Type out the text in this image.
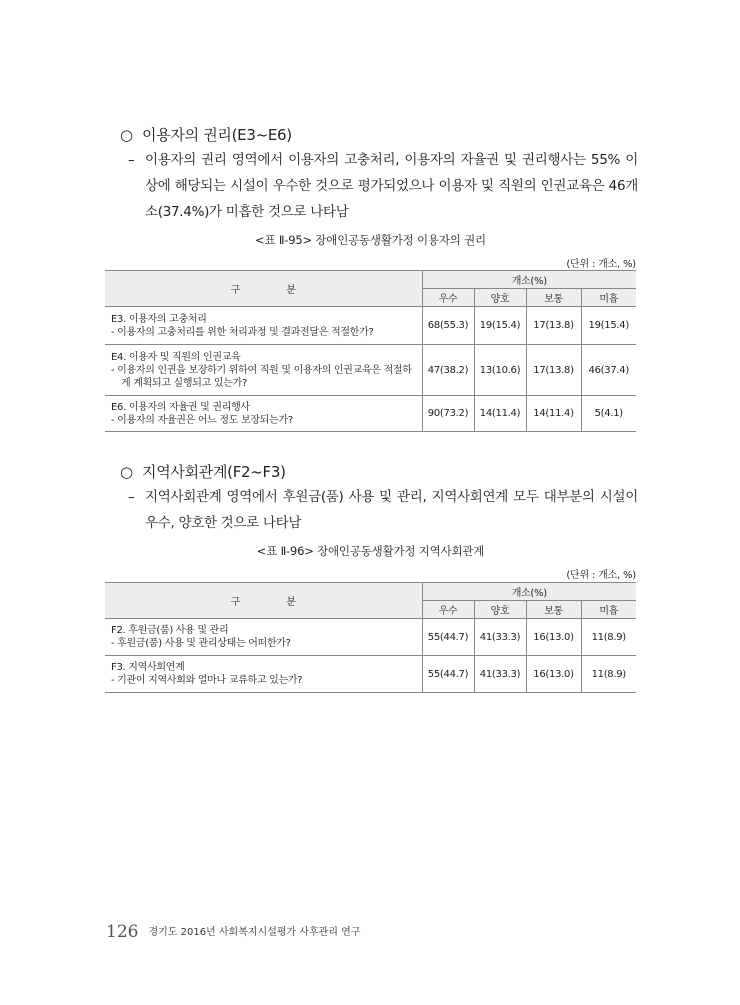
○ 이용자의 권리(E3~E6)
– 이용자의 권리 영역에서 이용자의 고충처리, 이용자의 자율권 및 권리행사는 55% 이상에 해당되는 시설이 우수한 것으로 평가되었으나 이용자 및 직원의 인권교육은 46개소(37.4%)가 미흡한 것으로 나타남
<표 Ⅱ-95> 장애인공동생활가정 이용자의 권리
(단위 : 개소, %)
구 분	개소(%)			
	우수	양호	보통	미흡
E3. 이용자의 고충처리
- 이용자의 고충처리를 위한 처리과정 및 결과전달은 적절한가?	68(55.3)	19(15.4)	17(13.8)	19(15.4)
E4. 이용자 및 직원의 인권교육
- 이용자의 인권을 보장하기 위하여 직원 및 이용자의 인권교육은 적절하게 계획되고 실행되고 있는가?	47(38.2)	13(10.6)	17(13.8)	46(37.4)
E6. 이용자의 자율권 및 권리행사
- 이용자의 자율권은 어느 정도 보장되는가?	90(73.2)	14(11.4)	14(11.4)	5(4.1)
○ 지역사회관계(F2~F3)
– 지역사회관계 영역에서 후원금(품) 사용 및 관리, 지역사회연계 모두 대부분의 시설이 우수, 양호한 것으로 나타남
<표 Ⅱ-96> 장애인공동생활가정 지역사회관계
(단위 : 개소, %)
구 분	개소(%)			
	우수	양호	보통	미흡
F2. 후원금(품) 사용 및 관리
- 후원금(품) 사용 및 관리상태는 어떠한가?	55(44.7)	41(33.3)	16(13.0)	11(8.9)
F3. 지역사회연계
- 기관이 지역사회와 얼마나 교류하고 있는가?	55(44.7)	41(33.3)	16(13.0)	11(8.9)
126 경기도 2016년 사회복지시설평가 사후관리 연구
